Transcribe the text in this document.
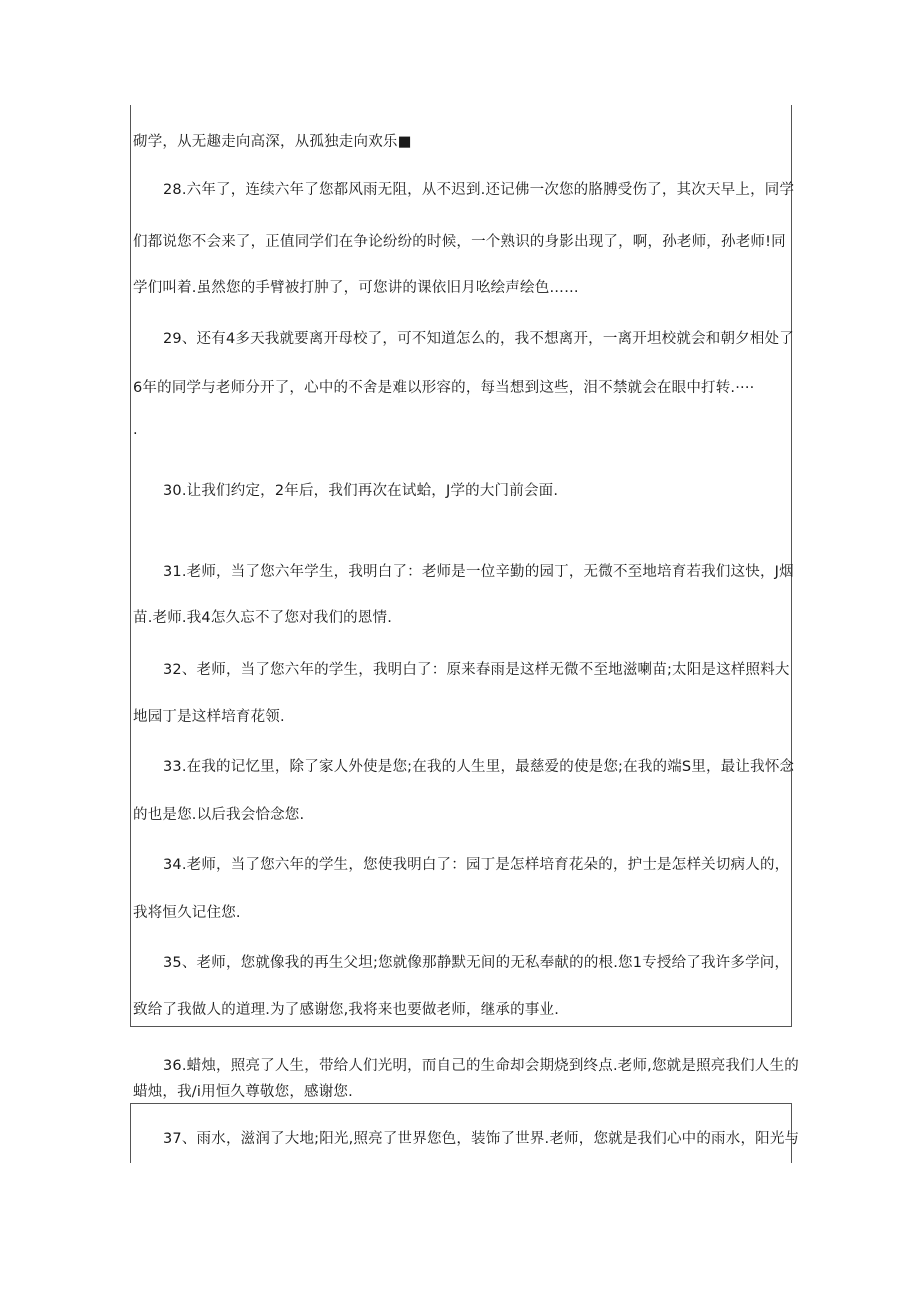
砌学，从无趣走向高深，从孤独走向欢乐■
28.六年了，连续六年了您都风雨无阻，从不迟到.还记佛一次您的胳膊受伤了，其次天早上，同学
们都说您不会来了，正值同学们在争论纷纷的时候，一个熟识的身影出现了，啊，孙老师，孙老师!同
学们叫着.虽然您的手臂被打肿了，可您讲的课依旧月吆绘声绘色……
29、还有4多天我就要离开母校了，可不知道怎么的，我不想离开，一离开坦校就会和朝夕相处了
6年的同学与老师分开了，心中的不舍是难以形容的，每当想到这些，泪不禁就会在眼中打转.····
·
30.让我们约定，2年后，我们再次在试蛤，J学的大门前会面.
31.老师，当了您六年学生，我明白了：老师是一位辛勤的园丁，无微不至地培育若我们这快，J烟
苗.老师.我4怎久忘不了您对我们的恩情.
32、老师，当了您六年的学生，我明白了：原来春雨是这样无微不至地滋喇苗;太阳是这样照料大
地园丁是这样培育花领.
33.在我的记忆里，除了家人外使是您;在我的人生里，最慈爱的使是您;在我的端S里，最让我怀念
的也是您.以后我会恰念您.
34.老师，当了您六年的学生，您使我明白了：园丁是怎样培育花朵的，护士是怎样关切病人的，
我将恒久记住您.
35、老师，您就像我的再生父坦;您就像那静默无间的无私奉献的的根.您1专授给了我许多学问，
致给了我做人的道理.为了感谢您,我将来也要做老师，继承的事业.
36.蜡烛，照亮了人生，带给人们光明，而自己的生命却会期烧到终点.老师,您就是照亮我们人生的
蜡烛，我/i用恒久尊敬您，感谢您.
37、雨水，滋润了大地;阳光,照亮了世界您色，装饰了世界.老师，您就是我们心中的雨水，阳光与
